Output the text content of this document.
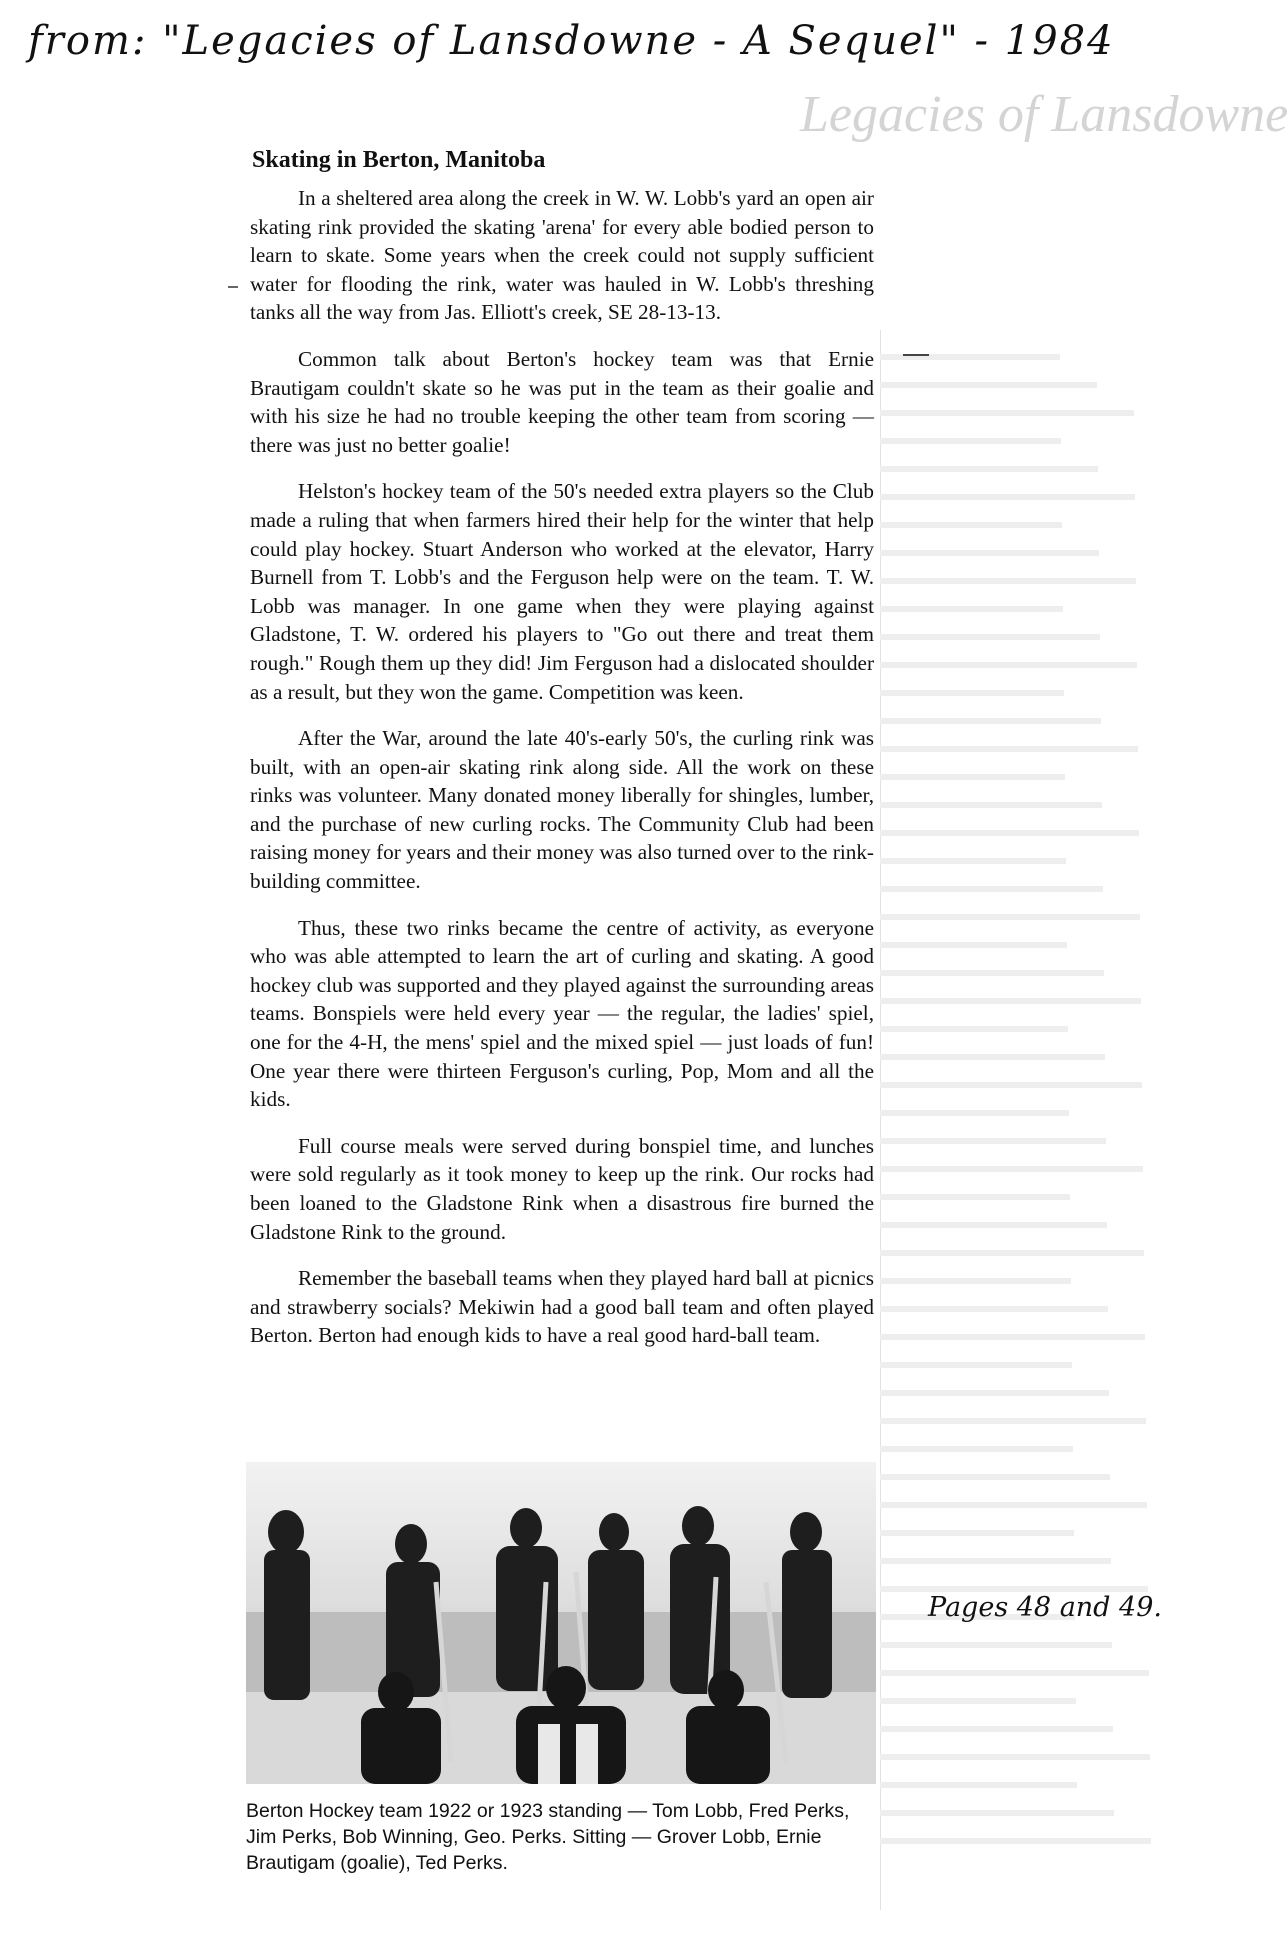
Legacies of Lansdowne
from: "Legacies of Lansdowne - A Sequel" - 1984
Skating in Berton, Manitoba

In a sheltered area along the creek in W. W. Lobb's yard an open air skating rink provided the skating 'arena' for every able bodied person to learn to skate. Some years when the creek could not supply sufficient water for flooding the rink, water was hauled in W. Lobb's threshing tanks all the way from Jas. Elliott's creek, SE 28-13-13.

Common talk about Berton's hockey team was that Ernie Brautigam couldn't skate so he was put in the team as their goalie and with his size he had no trouble keeping the other team from scoring — there was just no better goalie!

Helston's hockey team of the 50's needed extra players so the Club made a ruling that when farmers hired their help for the winter that help could play hockey. Stuart Anderson who worked at the elevator, Harry Burnell from T. Lobb's and the Ferguson help were on the team. T. W. Lobb was manager. In one game when they were playing against Gladstone, T. W. ordered his players to "Go out there and treat them rough." Rough them up they did! Jim Ferguson had a dislocated shoulder as a result, but they won the game. Competition was keen.

After the War, around the late 40's-early 50's, the curling rink was built, with an open-air skating rink along side. All the work on these rinks was volunteer. Many donated money liberally for shingles, lumber, and the purchase of new curling rocks. The Community Club had been raising money for years and their money was also turned over to the rink-building committee.

Thus, these two rinks became the centre of activity, as everyone who was able attempted to learn the art of curling and skating. A good hockey club was supported and they played against the surrounding areas teams. Bonspiels were held every year — the regular, the ladies' spiel, one for the 4-H, the mens' spiel and the mixed spiel — just loads of fun! One year there were thirteen Ferguson's curling, Pop, Mom and all the kids.

Full course meals were served during bonspiel time, and lunches were sold regularly as it took money to keep up the rink. Our rocks had been loaned to the Gladstone Rink when a disastrous fire burned the Gladstone Rink to the ground.

Remember the baseball teams when they played hard ball at picnics and strawberry socials? Mekiwin had a good ball team and often played Berton. Berton had enough kids to have a real good hard-ball team.

Berton Hockey team 1922 or 1923 standing — Tom Lobb, Fred Perks, Jim Perks, Bob Winning, Geo. Perks. Sitting — Grover Lobb, Ernie Brautigam (goalie), Ted Perks.
Pages 48 and 49.
